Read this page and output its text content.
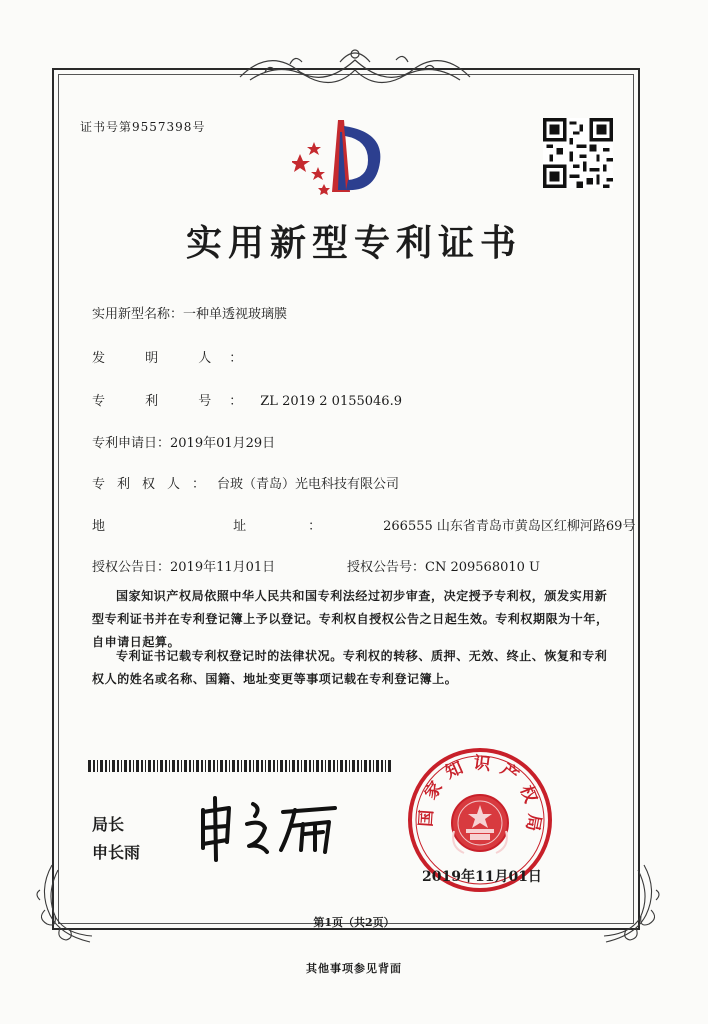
证书号第9557398号
实用新型专利证书
实用新型名称：一种单透视玻璃膜
发 明 人：
专 利 号：ZL 2019 2 0155046.9
专利申请日：2019年01月29日
专利权人：台玻（青岛）光电科技有限公司
地 址：266555 山东省青岛市黄岛区红柳河路69号
授权公告日：2019年11月01日	授权公告号：CN 209568010 U
国家知识产权局依照中华人民共和国专利法经过初步审查，决定授予专利权，颁发实用新型专利证书并在专利登记簿上予以登记。专利权自授权公告之日起生效。专利权期限为十年，自申请日起算。
专利证书记载专利权登记时的法律状况。专利权的转移、质押、无效、终止、恢复和专利权人的姓名或名称、国籍、地址变更等事项记载在专利登记簿上。
局长
申长雨
国家知识产权局
2019年11月01日
第1页（共2页）
其他事项参见背面
